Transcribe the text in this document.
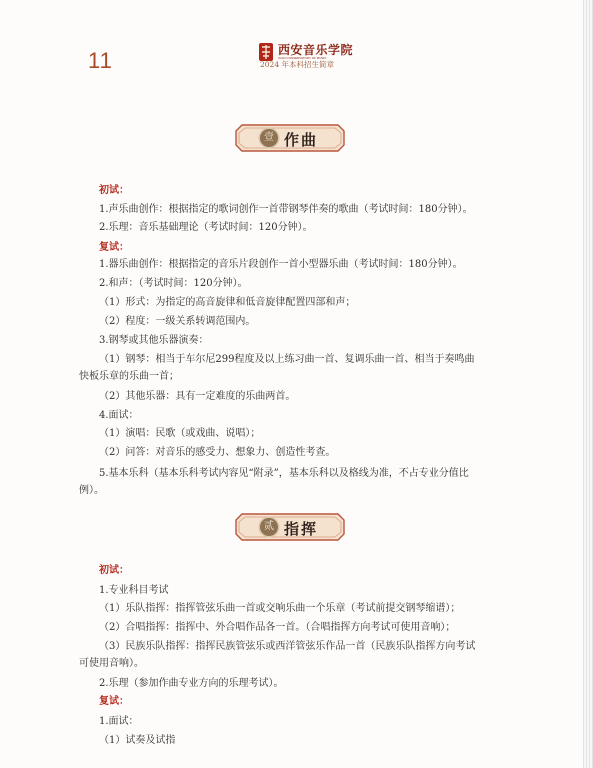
11	西安音乐学院
XI'AN CONSERVATORY OF MUSIC
2024 年本科招生简章
壹 作曲
初试：
1.声乐曲创作：根据指定的歌词创作一首带钢琴伴奏的歌曲（考试时间：180分钟）。
2.乐理：音乐基础理论（考试时间：120分钟）。
复试：
1.器乐曲创作：根据指定的音乐片段创作一首小型器乐曲（考试时间：180分钟）。
2.和声：（考试时间：120分钟）。
（1）形式：为指定的高音旋律和低音旋律配置四部和声；
（2）程度：一级关系转调范围内。
3.钢琴或其他乐器演奏：
（1）钢琴：相当于车尔尼299程度及以上练习曲一首、复调乐曲一首、相当于奏鸣曲
快板乐章的乐曲一首；
（2）其他乐器：具有一定难度的乐曲两首。
4.面试：
（1）演唱：民歌（或戏曲、说唱）；
（2）问答：对音乐的感受力、想象力、创造性考查。
5.基本乐科（基本乐科考试内容见“附录”，基本乐科以及格线为准，不占专业分值比
例）。
贰 指挥
初试：
1.专业科目考试
（1）乐队指挥：指挥管弦乐曲一首或交响乐曲一个乐章（考试前提交钢琴缩谱）；
（2）合唱指挥：指挥中、外合唱作品各一首。（合唱指挥方向考试可使用音响）；
（3）民族乐队指挥：指挥民族管弦乐或西洋管弦乐作品一首（民族乐队指挥方向考试
可使用音响）。
2.乐理（参加作曲专业方向的乐理考试）。
复试：
1.面试：
（1）试奏及试指
